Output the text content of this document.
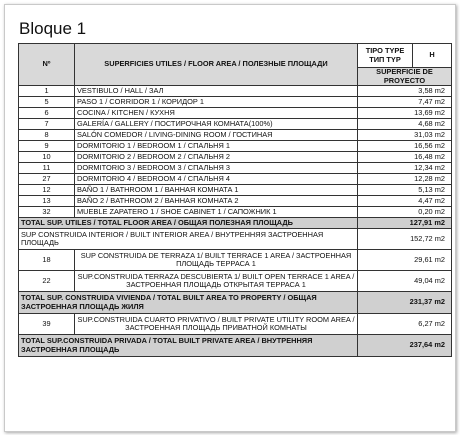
Bloque 1
Nº	SUPERFICIES UTILES / FLOOR AREA / ПОЛЕЗНЫЕ ПЛОЩАДИ	TIPO TYPE ТИП TYP	H
		SUPERFICIE DE PROYECTO	
1	VESTIBULO / HALL / ЗАЛ	3,58 m2	
5	PASO 1 / CORRIDOR 1 / КОРИДОР 1	7,47 m2	
6	COCINA / KITCHEN / КУХНЯ	13,69 m2	
7	GALERÍA / GALLERY / ПОСТИРОЧНАЯ КОМНАТА(100%)	4,68 m2	
8	SALÓN COMEDOR / LIVING-DINING ROOM / ГОСТИНАЯ	31,03 m2	
9	DORMITORIO 1 / BEDROOM 1 / СПАЛЬНЯ 1	16,56 m2	
10	DORMITORIO 2 / BEDROOM 2 / СПАЛЬНЯ 2	16,48 m2	
11	DORMITORIO 3 / BEDROOM 3 / СПАЛЬНЯ 3	12,34 m2	
27	DORMITORIO 4 / BEDROOM 4 / СПАЛЬНЯ 4	12,28 m2	
12	BAÑO 1 / BATHROOM 1 / ВАННАЯ КОМНАТА 1	5,13 m2	
13	BAÑO 2 / BATHROOM 2 / ВАННАЯ КОМНАТА 2	4,47 m2	
32	MUEBLE ZAPATERO 1 / SHOE CABINET 1 / САПОЖНИК 1	0,20 m2	
TOTAL SUP. UTILES / TOTAL FLOOR AREA / ОБЩАЯ ПОЛЕЗНАЯ ПЛОЩАДЬ		127,91 m2	
SUP CONSTRUIDA INTERIOR / BUILT INTERIOR AREA / ВНУТРЕННЯЯ ЗАСТРОЕННАЯ ПЛОЩАДЬ		152,72 m2	
18	SUP CONSTRUIDA DE TERRAZA 1/ BUILT TERRACE 1 AREA / ЗАСТРОЕННАЯ ПЛОЩАДЬ ТЕРРАСА 1	29,61 m2	
22	SUP.CONSTRUIDA TERRAZA DESCUBIERTA 1/ BUILT OPEN TERRACE 1 AREA / ЗАСТРОЕННАЯ ПЛОЩАДЬ ОТКРЫТАЯ ТЕРРАСА 1	49,04 m2	
TOTAL SUP. CONSTRUIDA VIVIENDA / TOTAL BUILT AREA TO PROPERTY / ОБЩАЯ ЗАСТРОЕННАЯ ПЛОЩАДЬ ЖИЛЯ		231,37 m2	
39	SUP.CONSTRUIDA CUARTO PRIVATIVO / BUILT PRIVATE UTILITY ROOM AREA / ЗАСТРОЕННАЯ ПЛОЩАДЬ ПРИВАТНОЙ КОМНАТЫ	6,27 m2	
TOTAL SUP.CONSTRUIDA PRIVADA / TOTAL BUILT PRIVATE AREA / ВНУТРЕННЯЯ ЗАСТРОЕННАЯ ПЛОЩАДЬ		237,64 m2	
